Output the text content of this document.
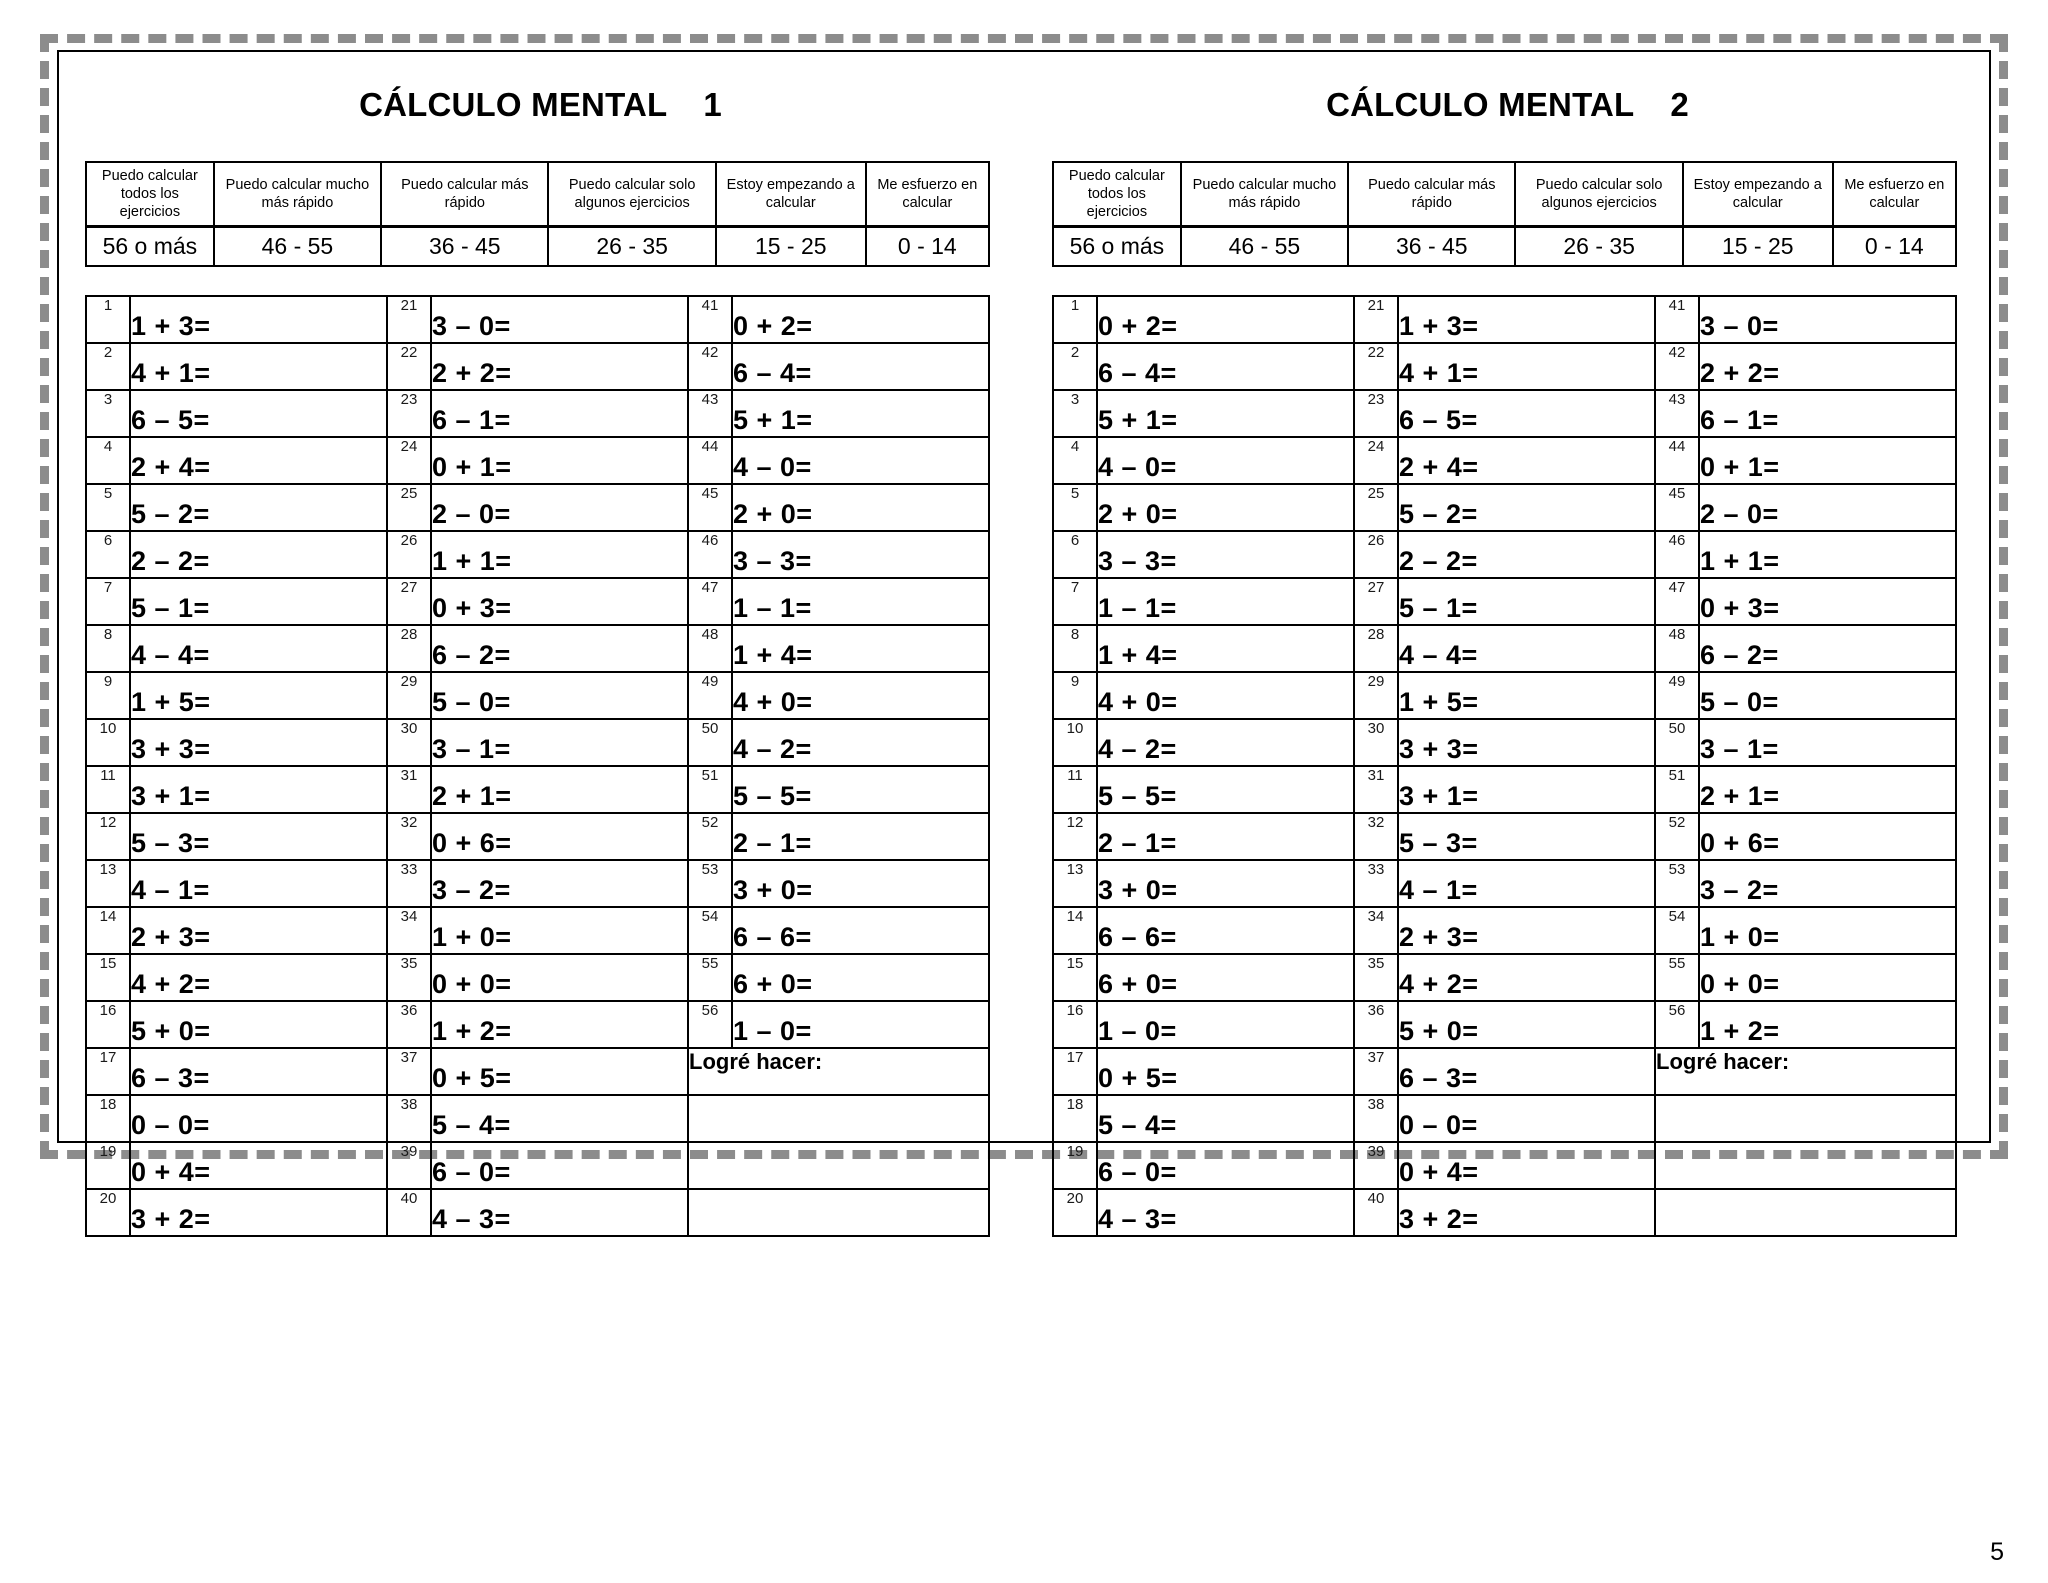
CÁLCULO MENTAL 1
Puedo calcular todos los ejercicios	Puedo calcular mucho más rápido	Puedo calcular más rápido	Puedo calcular solo algunos ejercicios	Estoy empezando a calcular	Me esfuerzo en calcular
56 o más	46 - 55	36 - 45	26 - 35	15 - 25	0 - 14
1	1 + 3=	21	3 – 0=	41	0 + 2=
2	4 + 1=	22	2 + 2=	42	6 – 4=
3	6 – 5=	23	6 – 1=	43	5 + 1=
4	2 + 4=	24	0 + 1=	44	4 – 0=
5	5 – 2=	25	2 – 0=	45	2 + 0=
6	2 – 2=	26	1 + 1=	46	3 – 3=
7	5 – 1=	27	0 + 3=	47	1 – 1=
8	4 – 4=	28	6 – 2=	48	1 + 4=
9	1 + 5=	29	5 – 0=	49	4 + 0=
10	3 + 3=	30	3 – 1=	50	4 – 2=
11	3 + 1=	31	2 + 1=	51	5 – 5=
12	5 – 3=	32	0 + 6=	52	2 – 1=
13	4 – 1=	33	3 – 2=	53	3 + 0=
14	2 + 3=	34	1 + 0=	54	6 – 6=
15	4 + 2=	35	0 + 0=	55	6 + 0=
16	5 + 0=	36	1 + 2=	56	1 – 0=
17	6 – 3=	37	0 + 5=	Logré hacer:	
18	0 – 0=	38	5 – 4=		
19	0 + 4=	39	6 – 0=		
20	3 + 2=	40	4 – 3=		
CÁLCULO MENTAL 2
Puedo calcular todos los ejercicios	Puedo calcular mucho más rápido	Puedo calcular más rápido	Puedo calcular solo algunos ejercicios	Estoy empezando a calcular	Me esfuerzo en calcular
56 o más	46 - 55	36 - 45	26 - 35	15 - 25	0 - 14
1	0 + 2=	21	1 + 3=	41	3 – 0=
2	6 – 4=	22	4 + 1=	42	2 + 2=
3	5 + 1=	23	6 – 5=	43	6 – 1=
4	4 – 0=	24	2 + 4=	44	0 + 1=
5	2 + 0=	25	5 – 2=	45	2 – 0=
6	3 – 3=	26	2 – 2=	46	1 + 1=
7	1 – 1=	27	5 – 1=	47	0 + 3=
8	1 + 4=	28	4 – 4=	48	6 – 2=
9	4 + 0=	29	1 + 5=	49	5 – 0=
10	4 – 2=	30	3 + 3=	50	3 – 1=
11	5 – 5=	31	3 + 1=	51	2 + 1=
12	2 – 1=	32	5 – 3=	52	0 + 6=
13	3 + 0=	33	4 – 1=	53	3 – 2=
14	6 – 6=	34	2 + 3=	54	1 + 0=
15	6 + 0=	35	4 + 2=	55	0 + 0=
16	1 – 0=	36	5 + 0=	56	1 + 2=
17	0 + 5=	37	6 – 3=	Logré hacer:	
18	5 – 4=	38	0 – 0=		
19	6 – 0=	39	0 + 4=		
20	4 – 3=	40	3 + 2=		
5
